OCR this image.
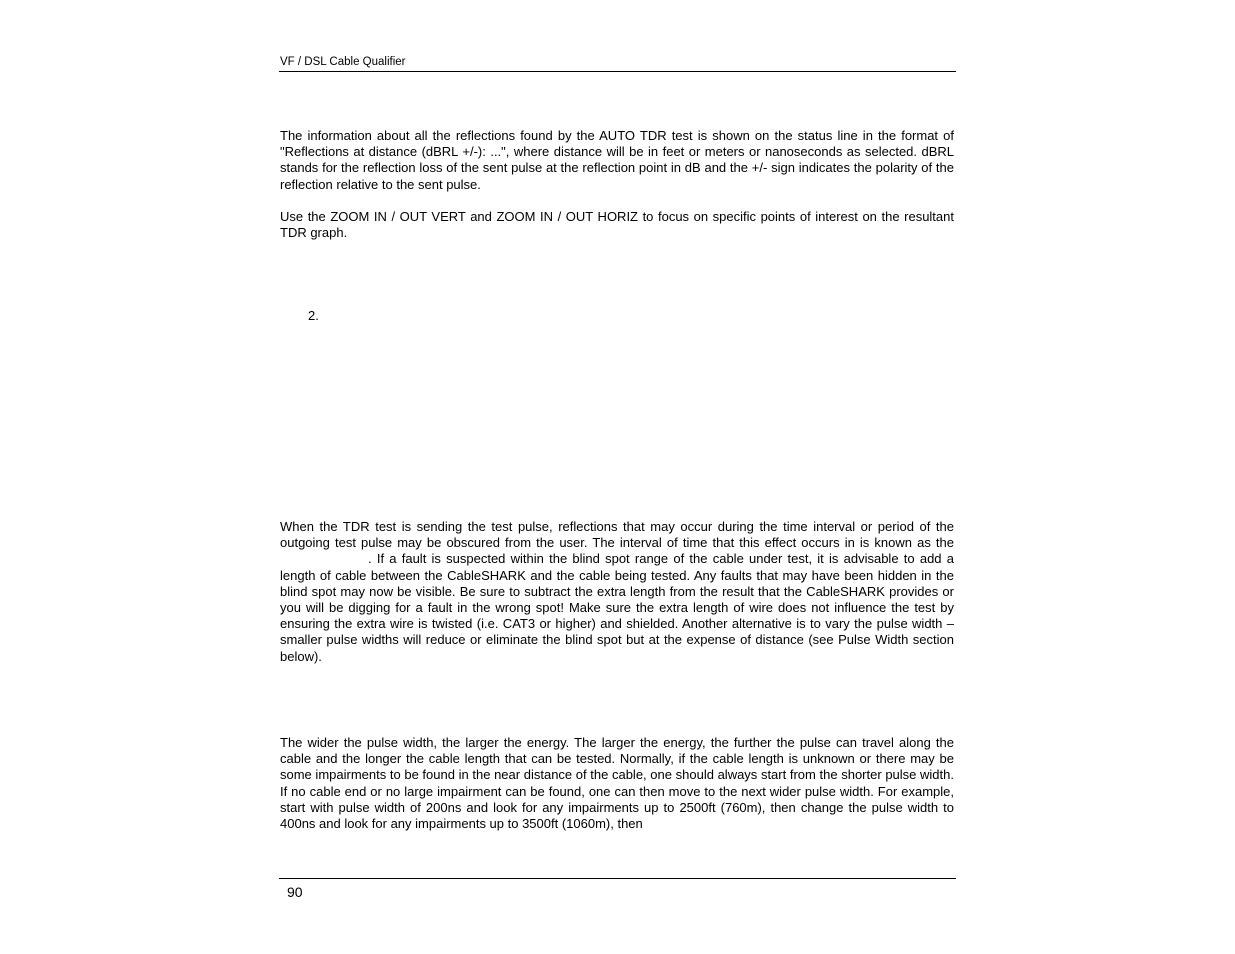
VF / DSL Cable Qualifier

The information about all the reflections found by the AUTO TDR test is shown on the status line in the format of "Reflections at distance (dBRL +/-): ...", where distance will be in feet or meters or nanoseconds as selected. dBRL stands for the reflection loss of the sent pulse at the reflection point in dB and the +/- sign indicates the polarity of the reflection relative to the sent pulse.

Use the ZOOM IN / OUT VERT and ZOOM IN / OUT HORIZ to focus on specific points of interest on the resultant TDR graph.

2.

When the TDR test is sending the test pulse, reflections that may occur during the time interval or period of the outgoing test pulse may be obscured from the user. The interval of time that this effect occurs in is known as the. If a fault is suspected within the blind spot range of the cable under test, it is advisable to add a length of cable between the CableSHARK and the cable being tested. Any faults that may have been hidden in the blind spot may now be visible. Be sure to subtract the extra length from the result that the CableSHARK provides or you will be digging for a fault in the wrong spot! Make sure the extra length of wire does not influence the test by ensuring the extra wire is twisted (i.e. CAT3 or higher) and shielded. Another alternative is to vary the pulse width – smaller pulse widths will reduce or eliminate the blind spot but at the expense of distance (see Pulse Width section below).

The wider the pulse width, the larger the energy. The larger the energy, the further the pulse can travel along the cable and the longer the cable length that can be tested. Normally, if the cable length is unknown or there may be some impairments to be found in the near distance of the cable, one should always start from the shorter pulse width. If no cable end or no large impairment can be found, one can then move to the next wider pulse width. For example, start with pulse width of 200ns and look for any impairments up to 2500ft (760m), then change the pulse width to 400ns and look for any impairments up to 3500ft (1060m), then

90
